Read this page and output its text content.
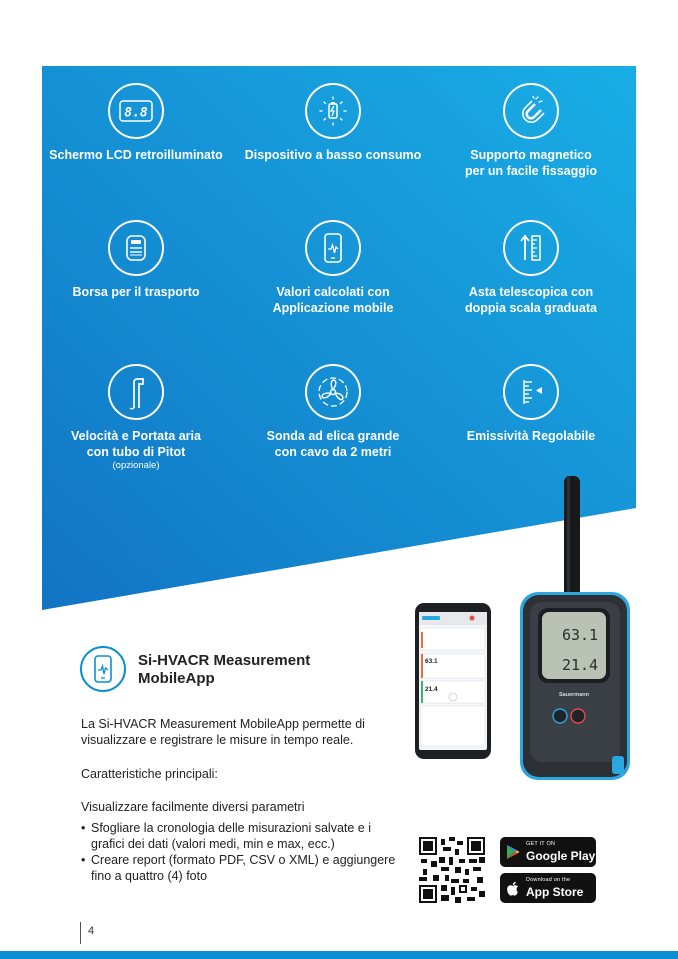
8.8
Schermo LCD retroilluminato	Dispositivo a basso consumo	Supporto magnetico
per un facile fissaggio
Borsa per il trasporto	Valori calcolati con
Applicazione mobile
Asta telescopica con
doppia scala graduata
Velocità e Portata aria
con tubo di Pitot
(opzionale)
Sonda ad elica grande
con cavo da 2 metri
Emissività Regolabile
63.1
21.4
63.1
21.4
Sauermann
Si-HVACR Measurement
MobileApp
La Si-HVACR Measurement MobileApp permette di visualizzare e registrare le misure in tempo reale.
Caratteristiche principali:
Visualizzare facilmente diversi parametri
• Sfogliare la cronologia delle misurazioni salvate e i grafici dei dati (valori medi, min e max, ecc.)
• Creare report (formato PDF, CSV o XML) e aggiungere fino a quattro (4) foto
GET IT ON
Google Play
Download on the
App Store
4
